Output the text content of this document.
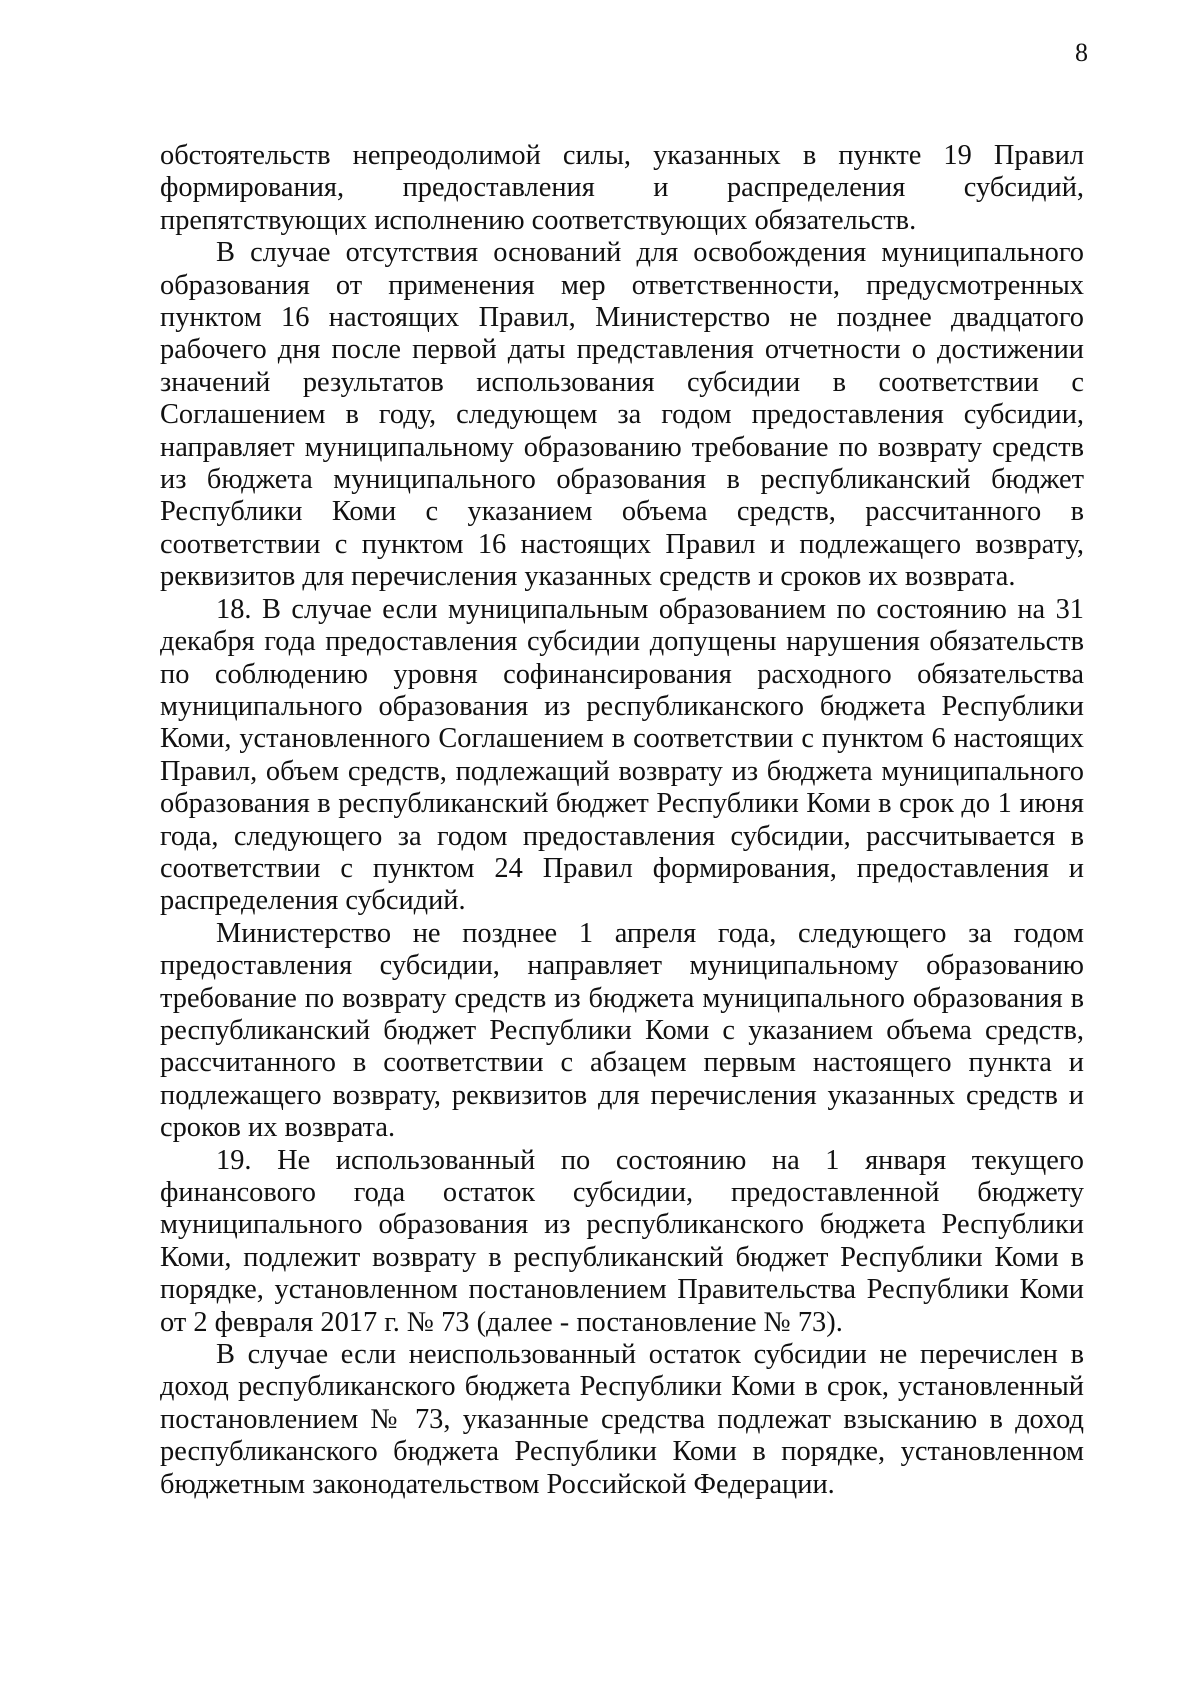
8

обстоятельств непреодолимой силы, указанных в пункте 19 Правил формирования, предоставления и распределения субсидий, препятствующих исполнению соответствующих обязательств.

В случае отсутствия оснований для освобождения муниципального образования от применения мер ответственности, предусмотренных пунктом 16 настоящих Правил, Министерство не позднее двадцатого рабочего дня после первой даты представления отчетности о достижении значений результатов использования субсидии в соответствии с Соглашением в году, следующем за годом предоставления субсидии, направляет муниципальному образованию требование по возврату средств из бюджета муниципального образования в республиканский бюджет Республики Коми с указанием объема средств, рассчитанного в соответствии с пунктом 16 настоящих Правил и подлежащего возврату, реквизитов для перечисления указанных средств и сроков их возврата.

18. В случае если муниципальным образованием по состоянию на 31 декабря года предоставления субсидии допущены нарушения обязательств по соблюдению уровня софинансирования расходного обязательства муниципального образования из республиканского бюджета Республики Коми, установленного Соглашением в соответствии с пунктом 6 настоящих Правил, объем средств, подлежащий возврату из бюджета муниципального образования в республиканский бюджет Республики Коми в срок до 1 июня года, следующего за годом предоставления субсидии, рассчитывается в соответствии с пунктом 24 Правил формирования, предоставления и распределения субсидий.

Министерство не позднее 1 апреля года, следующего за годом предоставления субсидии, направляет муниципальному образованию требование по возврату средств из бюджета муниципального образования в республиканский бюджет Республики Коми с указанием объема средств, рассчитанного в соответствии с абзацем первым настоящего пункта и подлежащего возврату, реквизитов для перечисления указанных средств и сроков их возврата.

19. Не использованный по состоянию на 1 января текущего финансового года остаток субсидии, предоставленной бюджету муниципального образования из республиканского бюджета Республики Коми, подлежит возврату в республиканский бюджет Республики Коми в порядке, установленном постановлением Правительства Республики Коми от 2 февраля 2017 г. № 73 (далее - постановление № 73).

В случае если неиспользованный остаток субсидии не перечислен в доход республиканского бюджета Республики Коми в срок, установленный постановлением № 73, указанные средства подлежат взысканию в доход республиканского бюджета Республики Коми в порядке, установленном бюджетным законодательством Российской Федерации.
